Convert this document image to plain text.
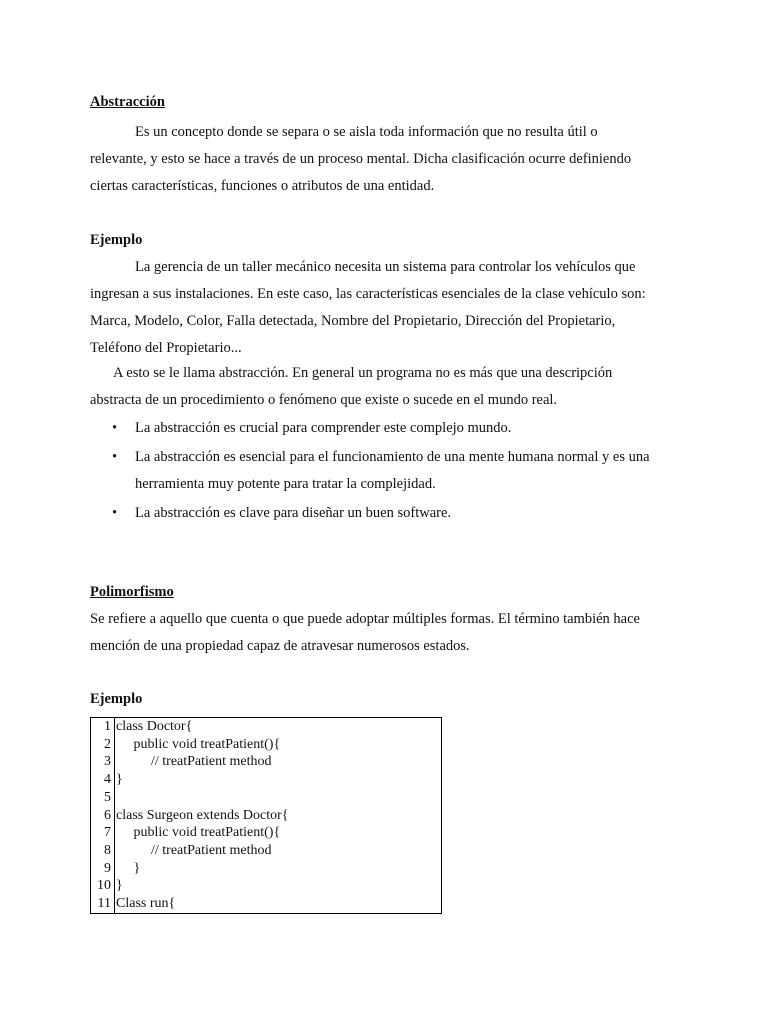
Abstracción

Es un concepto donde se separa o se aisla toda información que no resulta útil o
relevante, y esto se hace a través de un proceso mental. Dicha clasificación ocurre definiendo
ciertas características, funciones o atributos de una entidad.

Ejemplo

La gerencia de un taller mecánico necesita un sistema para controlar los vehículos que
ingresan a sus instalaciones. En este caso, las características esenciales de la clase vehículo son:
Marca, Modelo, Color, Falla detectada, Nombre del Propietario, Dirección del Propietario,
Teléfono del Propietario...

A esto se le llama abstracción. En general un programa no es más que una descripción
abstracta de un procedimiento o fenómeno que existe o sucede en el mundo real.

• La abstracción es crucial para comprender este complejo mundo.
• La abstracción es esencial para el funcionamiento de una mente humana normal y es una
herramienta muy potente para tratar la complejidad.
• La abstracción es clave para diseñar un buen software.
Polimorfismo

Se refiere a aquello que cuenta o que puede adoptar múltiples formas. El término también hace
mención de una propiedad capaz de atravesar numerosos estados.

Ejemplo
1	class Doctor{
2	public void treatPatient(){
3	// treatPatient method
4	}
5	
6	class Surgeon extends Doctor{
7	public void treatPatient(){
8	// treatPatient method
9	}
10	}
11	Class run{
